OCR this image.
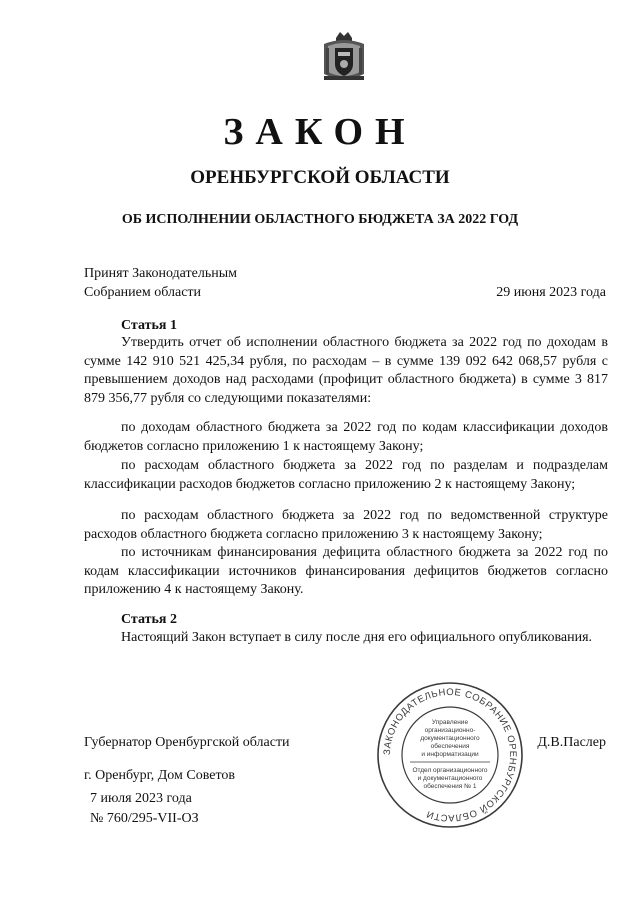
ЗАКОН
ОРЕНБУРГСКОЙ ОБЛАСТИ
ОБ ИСПОЛНЕНИИ ОБЛАСТНОГО БЮДЖЕТА ЗА 2022 ГОД
Принят Законодательным
Собранием области	29 июня 2023 года
Статья 1
Утвердить отчет об исполнении областного бюджета за 2022 год по доходам в сумме 142 910 521 425,34 рубля, по расходам – в сумме 139 092 642 068,57 рубля с превышением доходов над расходами (профицит областного бюджета) в сумме 3 817 879 356,77 рубля со следующими показателями:
по доходам областного бюджета за 2022 год по кодам классификации доходов бюджетов согласно приложению 1 к настоящему Закону;
по расходам областного бюджета за 2022 год по разделам и подразделам классификации расходов бюджетов согласно приложению 2 к настоящему Закону;
по расходам областного бюджета за 2022 год по ведомственной структуре расходов областного бюджета согласно приложению 3 к настоящему Закону;
по источникам финансирования дефицита областного бюджета за 2022 год по кодам классификации источников финансирования дефицитов бюджетов согласно приложению 4 к настоящему Закону.
Статья 2
Настоящий Закон вступает в силу после дня его официального опубликования.
ЗАКОНОДАТЕЛЬНОЕ СОБРАНИЕ ОРЕНБУРГСКОЙ ОБЛАСТИ
Управление
организационно-
документационного
обеспечения
и информатизации
Отдел организационного
и документационного
обеспечения № 1
Губернатор Оренбургской области	Д.В.Паслер
г. Оренбург, Дом Советов
7 июля 2023 года
№ 760/295-VII-ОЗ
